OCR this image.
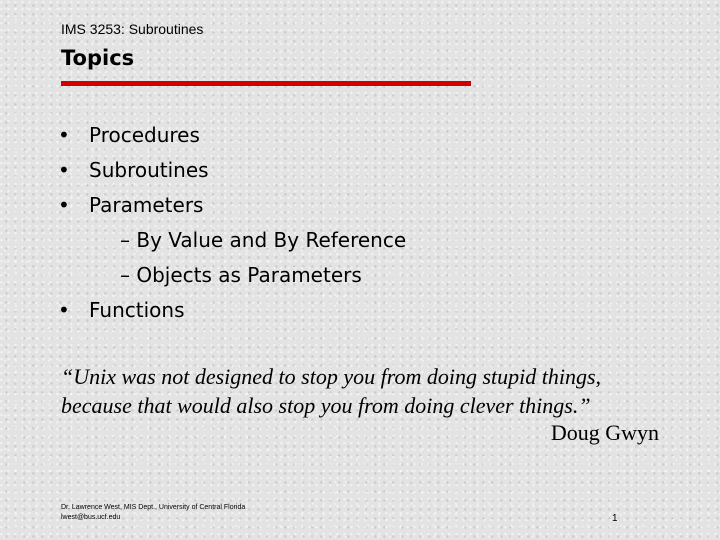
IMS 3253: Subroutines
Topics
• Procedures
• Subroutines
• Parameters
– By Value and By Reference
– Objects as Parameters
• Functions
“Unix was not designed to stop you from doing stupid things,
because that would also stop you from doing clever things.”
Doug Gwyn
Dr. Lawrence West, MIS Dept., University of Central Florida
lwest@bus.ucf.edu	1
